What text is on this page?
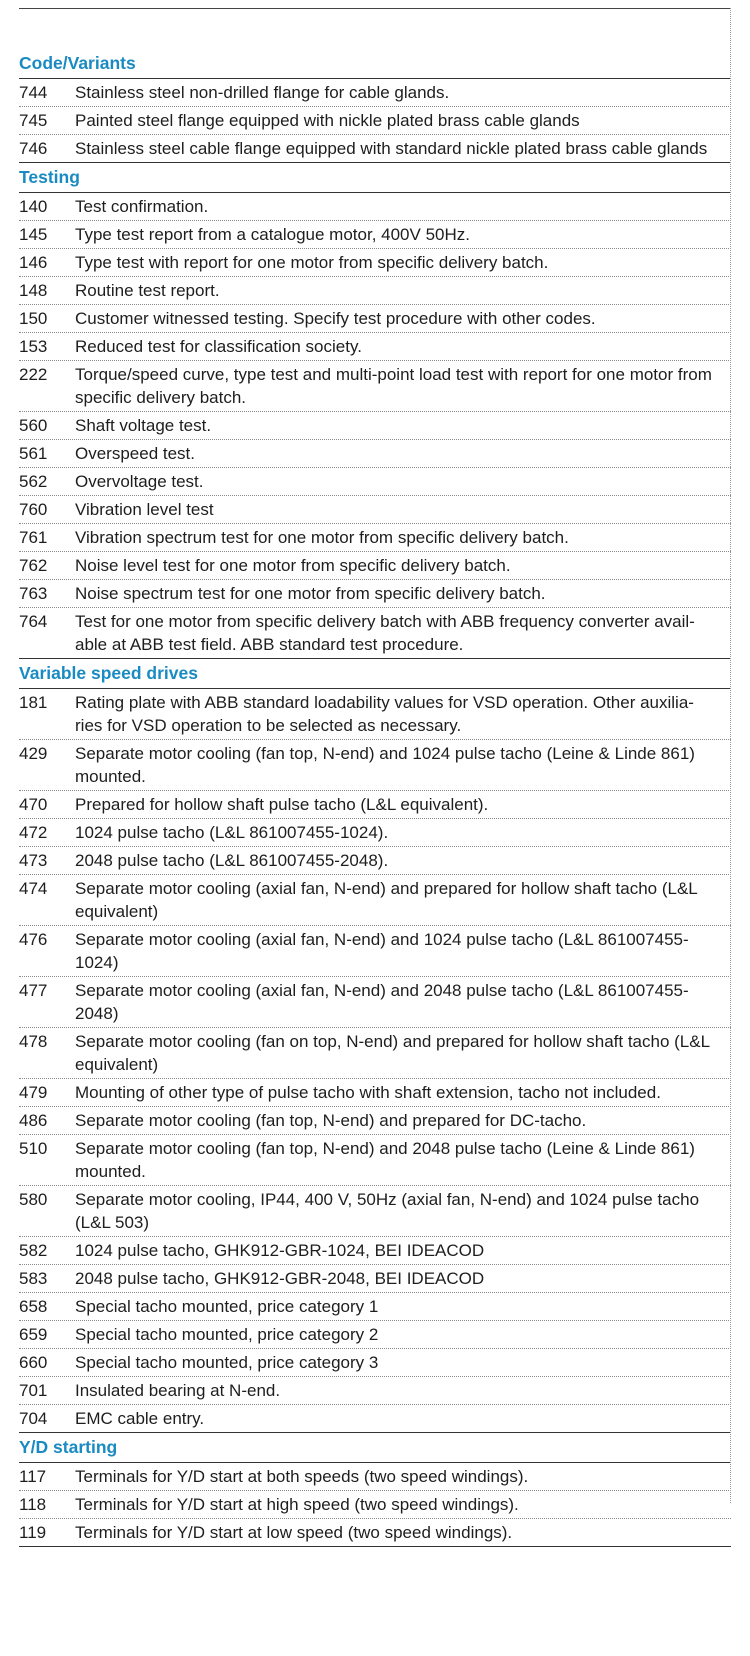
Code/Variants
744	Stainless steel non-drilled flange for cable glands.
745	Painted steel flange equipped with nickle plated brass cable glands
746	Stainless steel cable flange equipped with standard nickle plated brass cable glands
Testing
140	Test confirmation.
145	Type test report from a catalogue motor, 400V 50Hz.
146	Type test with report for one motor from specific delivery batch.
148	Routine test report.
150	Customer witnessed testing. Specify test procedure with other codes.
153	Reduced test for classification society.
222	Torque/speed curve, type test and multi-point load test with report for one motor from specific delivery batch.
560	Shaft voltage test.
561	Overspeed test.
562	Overvoltage test.
760	Vibration level test
761	Vibration spectrum test for one motor from specific delivery batch.
762	Noise level test for one motor from specific delivery batch.
763	Noise spectrum test for one motor from specific delivery batch.
764	Test for one motor from specific delivery batch with ABB frequency converter avail-able at ABB test field. ABB standard test procedure.
Variable speed drives
181	Rating plate with ABB standard loadability values for VSD operation. Other auxilia-ries for VSD operation to be selected as necessary.
429	Separate motor cooling (fan top, N-end) and 1024 pulse tacho (Leine & Linde 861) mounted.
470	Prepared for hollow shaft pulse tacho (L&L equivalent).
472	1024 pulse tacho (L&L 861007455-1024).
473	2048 pulse tacho (L&L 861007455-2048).
474	Separate motor cooling (axial fan, N-end) and prepared for hollow shaft tacho (L&L equivalent)
476	Separate motor cooling (axial fan, N-end) and 1024 pulse tacho (L&L 861007455-1024)
477	Separate motor cooling (axial fan, N-end) and 2048 pulse tacho (L&L 861007455-2048)
478	Separate motor cooling (fan on top, N-end) and prepared for hollow shaft tacho (L&L equivalent)
479	Mounting of other type of pulse tacho with shaft extension, tacho not included.
486	Separate motor cooling (fan top, N-end) and prepared for DC-tacho.
510	Separate motor cooling (fan top, N-end) and 2048 pulse tacho (Leine & Linde 861) mounted.
580	Separate motor cooling, IP44, 400 V, 50Hz (axial fan, N-end) and 1024 pulse tacho (L&L 503)
582	1024 pulse tacho, GHK912-GBR-1024, BEI IDEACOD
583	2048 pulse tacho, GHK912-GBR-2048, BEI IDEACOD
658	Special tacho mounted, price category 1
659	Special tacho mounted, price category 2
660	Special tacho mounted, price category 3
701	Insulated bearing at N-end.
704	EMC cable entry.
Y/D starting
117	Terminals for Y/D start at both speeds (two speed windings).
118	Terminals for Y/D start at high speed (two speed windings).
119	Terminals for Y/D start at low speed (two speed windings).
